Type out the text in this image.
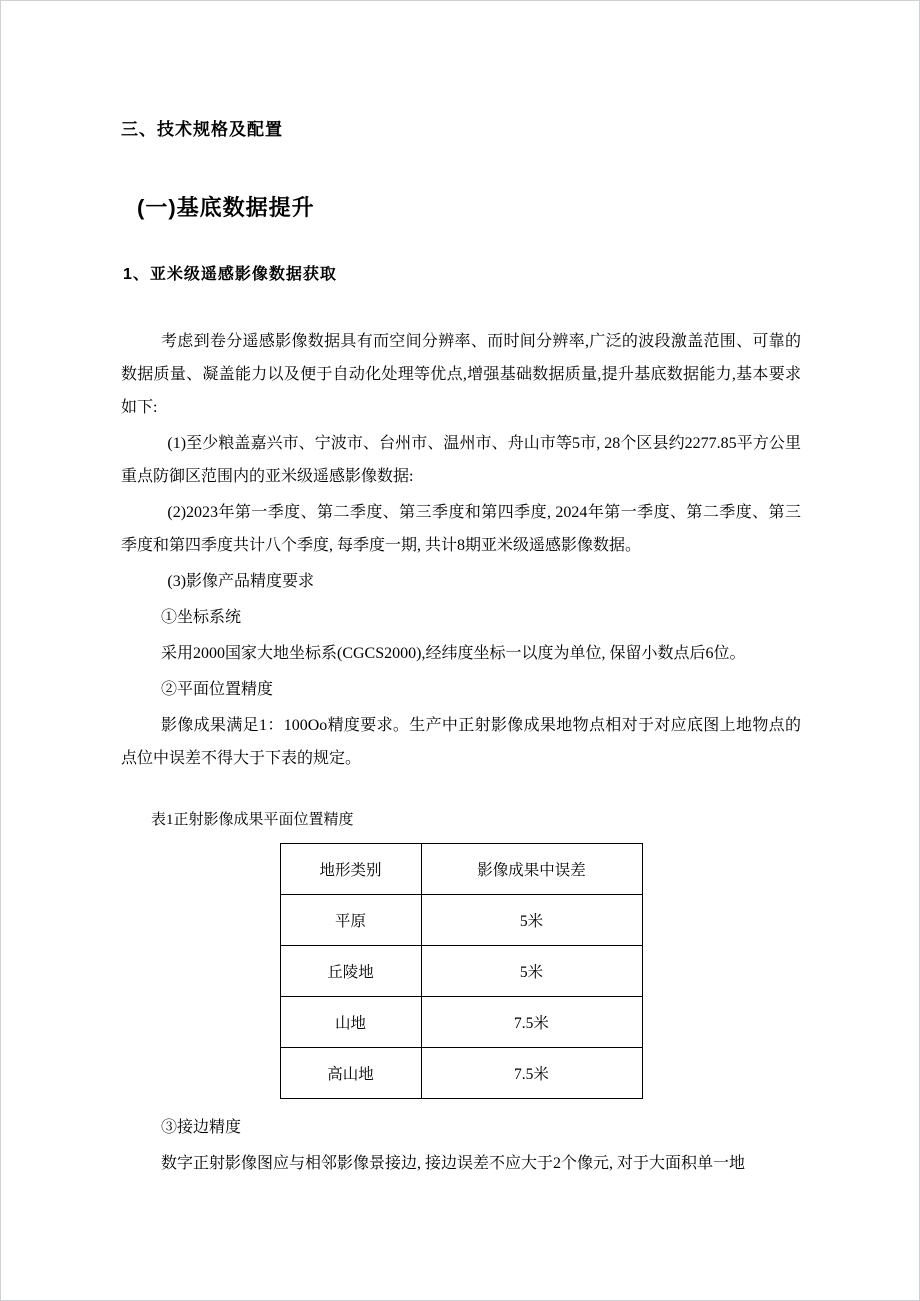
三、技术规格及配置
(一)基底数据提升
1、亚米级遥感影像数据获取

考虑到卷分遥感影像数据具有而空间分辨率、而时间分辨率,广泛的波段激盖范围、可靠的数据质量、凝盖能力以及便于自动化处理等优点,增强基础数据质量,提升基底数据能力,基本要求如下:

(1)至少粮盖嘉兴市、宁波市、台州市、温州市、舟山市等5市, 28个区县约2277.85平方公里重点防御区范围内的亚米级遥感影像数据:

(2)2023年第一季度、第二季度、第三季度和第四季度, 2024年第一季度、第二季度、第三季度和第四季度共计八个季度, 每季度一期, 共计8期亚米级遥感影像数据。

(3)影像产品精度要求

①坐标系统

采用2000国家大地坐标系(CGCS2000),经纬度坐标一以度为单位, 保留小数点后6位。

②平面位置精度

影像成果满足1：100Oo精度要求。生产中正射影像成果地物点相对于对应底图上地物点的点位中误差不得大于下表的规定。

表1正射影像成果平面位置精度

地形类别	影像成果中误差
平原	5米
丘陵地	5米
山地	7.5米
高山地	7.5米

③接边精度

数字正射影像图应与相邻影像景接边, 接边误差不应大于2个像元, 对于大面积单一地
